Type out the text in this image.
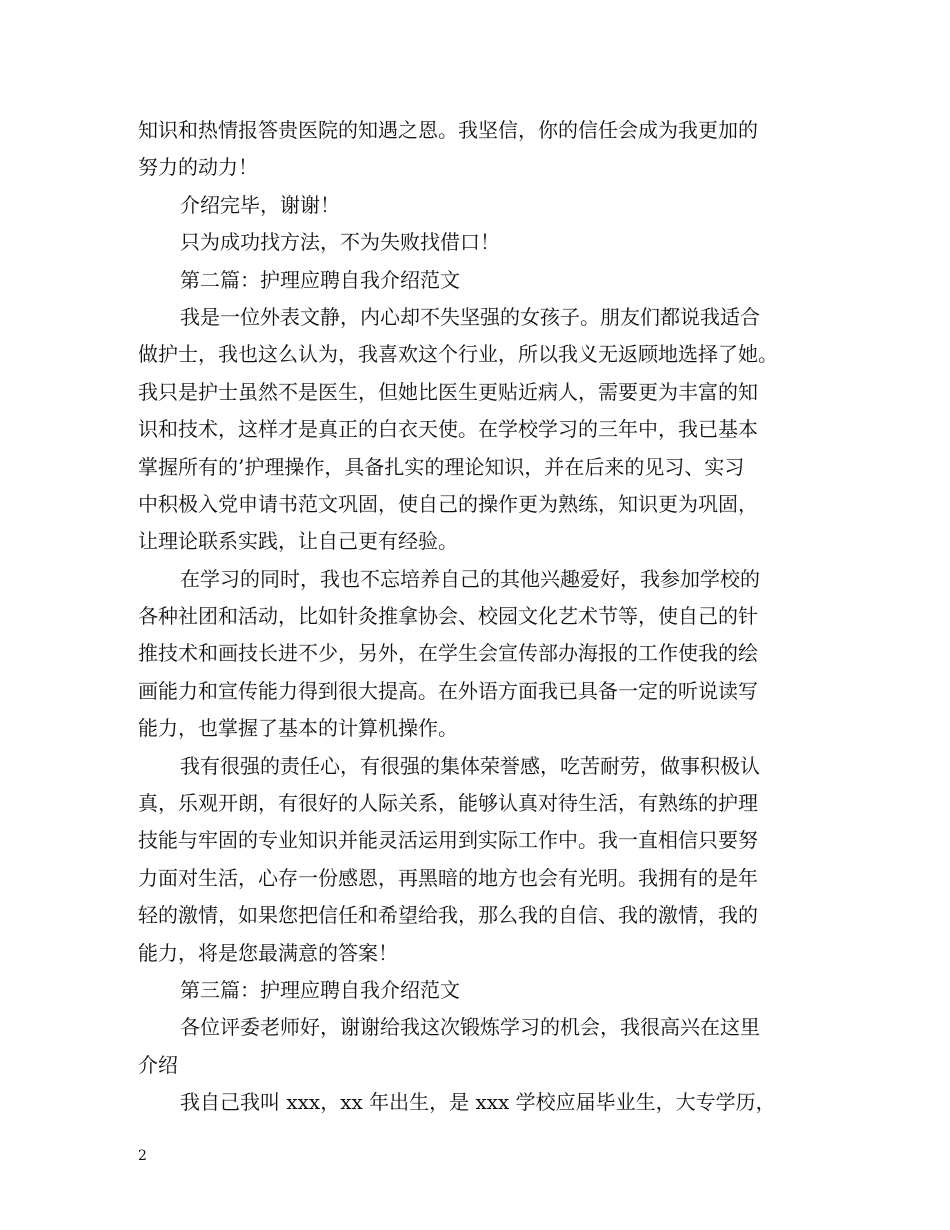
知识和热情报答贵医院的知遇之恩。我坚信，你的信任会成为我更加的
努力的动力！
介绍完毕，谢谢！
只为成功找方法，不为失败找借口！
第二篇：护理应聘自我介绍范文
我是一位外表文静，内心却不失坚强的女孩子。朋友们都说我适合
做护士，我也这么认为，我喜欢这个行业，所以我义无返顾地选择了她。
我只是护士虽然不是医生，但她比医生更贴近病人，需要更为丰富的知
识和技术，这样才是真正的白衣天使。在学校学习的三年中，我已基本
掌握所有的’护理操作，具备扎实的理论知识，并在后来的见习、实习
中积极入党申请书范文巩固，使自己的操作更为熟练，知识更为巩固，
让理论联系实践，让自己更有经验。
在学习的同时，我也不忘培养自己的其他兴趣爱好，我参加学校的
各种社团和活动，比如针灸推拿协会、校园文化艺术节等，使自己的针
推技术和画技长进不少，另外，在学生会宣传部办海报的工作使我的绘
画能力和宣传能力得到很大提高。在外语方面我已具备一定的听说读写
能力，也掌握了基本的计算机操作。
我有很强的责任心，有很强的集体荣誉感，吃苦耐劳，做事积极认
真，乐观开朗，有很好的人际关系，能够认真对待生活，有熟练的护理
技能与牢固的专业知识并能灵活运用到实际工作中。我一直相信只要努
力面对生活，心存一份感恩，再黑暗的地方也会有光明。我拥有的是年
轻的激情，如果您把信任和希望给我，那么我的自信、我的激情，我的
能力，将是您最满意的答案！
第三篇：护理应聘自我介绍范文
各位评委老师好，谢谢给我这次锻炼学习的机会，我很高兴在这里
介绍
我自己我叫 xxx，xx 年出生，是 xxx 学校应届毕业生，大专学历，
2
